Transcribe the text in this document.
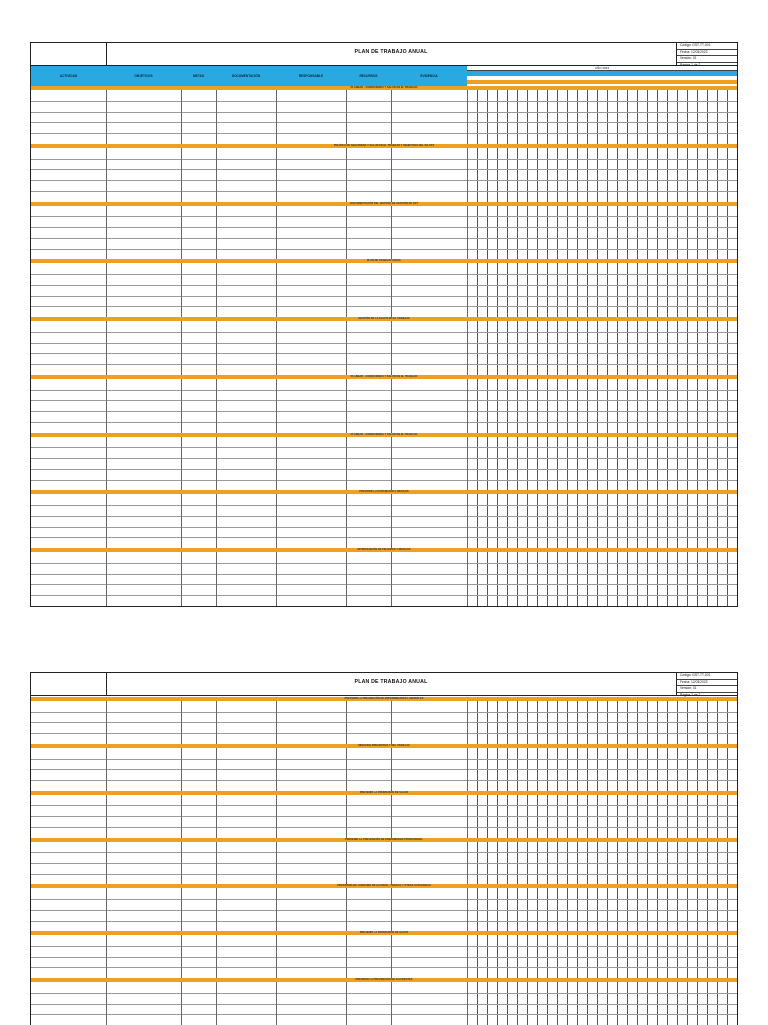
PLAN DE TRABAJO ANUAL
Código: GST-TT-001
Fecha: 12/03/2023
Versión: 01
Página 1 de 2
ACTIVIDAD	OBJETIVOS	METAS	DOCUMENTACIÓN	RESPONSABLE	RECURSOS	EVIDENCIA
AÑO 2023
PLANEAR - CONDICIONES Y SALUD EN EL TRABAJO
POLÍTICA DE SEGURIDAD Y SALUD EN EL TRABAJO Y OBJETIVOS DEL SG-SST
DOCUMENTACIÓN DEL SISTEMA DE GESTIÓN DE SST
PLAN DE TRABAJO ANUAL
GESTIÓN DE LA SALUD EN EL TRABAJO
PLANEAR - CONDICIONES Y SALUD EN EL TRABAJO
PLANEAR - CONDICIONES Y SALUD EN EL TRABAJO
PREVENIR LA EXPOSICIÓN A RIESGOS
INTERVENCIÓN DE PELIGROS Y RIESGOS
PLAN DE TRABAJO ANUAL
Código: GST-TT-001
Fecha: 12/03/2023
Versión: 01
Página 2 de 2
PREVENIR LA PREVENCIÓN DE ENFERMEDADES LABORALES
MEDICINA PREVENTIVA Y DEL TRABAJO
PREVENIR LA PROMOCIÓN DE SALUD
PREVENIR LA PREVENCIÓN DE ENFERMEDAD PROFESIONAL
PROGRAMA DE CONSUMO DE ALCOHOL, TABACO Y OTRAS SUSTANCIAS
PREVENIR LA PROMOCIÓN DE SALUD
PREVENIR LA PREVENCIÓN DE ACCIDENTES
